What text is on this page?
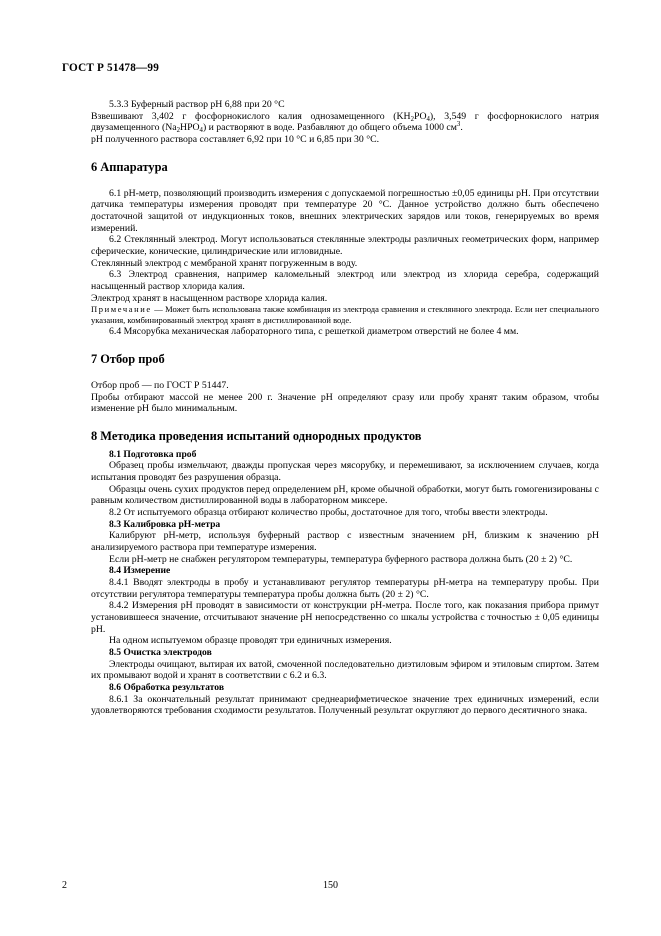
ГОСТ Р 51478—99

5.3.3 Буферный раствор pH 6,88 при 20 °С

Взвешивают 3,402 г фосфорнокислого калия однозамещенного $(KH_2PO_4)$, 3,549 г фосфорнокислого натрия двузамещенного $(Na_2HPO_4)$ и растворяют в воде. Разбавляют до общего объема 1000 $см^3$.

pH полученного раствора составляет 6,92 при 10 °С и 6,85 при 30 °С.

6 Аппаратура

6.1 pH-метр, позволяющий производить измерения с допускаемой погрешностью ±0,05 единицы pH. При отсутствии датчика температуры измерения проводят при температуре 20 °С. Данное устройство должно быть обеспечено достаточной защитой от индукционных токов, внешних электрических зарядов или токов, генерируемых во время измерений.

6.2 Стеклянный электрод. Могут использоваться стеклянные электроды различных геометрических форм, например сферические, конические, цилиндрические или игловидные.

Стеклянный электрод с мембраной хранят погруженным в воду.

6.3 Электрод сравнения, например каломельный электрод или электрод из хлорида серебра, содержащий насыщенный раствор хлорида калия.

Электрод хранят в насыщенном растворе хлорида калия.

Примечание — Может быть использована также комбинация из электрода сравнения и стеклянного электрода. Если нет специального указания, комбинированный электрод хранят в дистиллированной воде.

6.4 Мясорубка механическая лабораторного типа, с решеткой диаметром отверстий не более 4 мм.

7 Отбор проб

Отбор проб — по ГОСТ Р 51447.

Пробы отбирают массой не менее 200 г. Значение pH определяют сразу или пробу хранят таким образом, чтобы изменение pH было минимальным.

8 Методика проведения испытаний однородных продуктов

8.1 Подготовка проб

Образец пробы измельчают, дважды пропуская через мясорубку, и перемешивают, за исключением случаев, когда испытания проводят без разрушения образца.

Образцы очень сухих продуктов перед определением pH, кроме обычной обработки, могут быть гомогенизированы с равным количеством дистиллированной воды в лабораторном миксере.

8.2 От испытуемого образца отбирают количество пробы, достаточное для того, чтобы ввести электроды.

8.3 Калибровка pH-метра

Калибруют pH-метр, используя буферный раствор с известным значением pH, близким к значению pH анализируемого раствора при температуре измерения.

Если pH-метр не снабжен регулятором температуры, температура буферного раствора должна быть (20 ± 2) °С.

8.4 Измерение

8.4.1 Вводят электроды в пробу и устанавливают регулятор температуры pH-метра на температуру пробы. При отсутствии регулятора температуры температура пробы должна быть (20 ± 2) °С.

8.4.2 Измерения pH проводят в зависимости от конструкции pH-метра. После того, как показания прибора примут установившееся значение, отсчитывают значение pH непосредственно со шкалы устройства с точностью ± 0,05 единицы pH.

На одном испытуемом образце проводят три единичных измерения.

8.5 Очистка электродов

Электроды очищают, вытирая их ватой, смоченной последовательно диэтиловым эфиром и этиловым спиртом. Затем их промывают водой и хранят в соответствии с 6.2 и 6.3.

8.6 Обработка результатов

8.6.1 За окончательный результат принимают среднеарифметическое значение трех единичных измерений, если удовлетворяются требования сходимости результатов. Полученный результат округляют до первого десятичного знака.

2	150
